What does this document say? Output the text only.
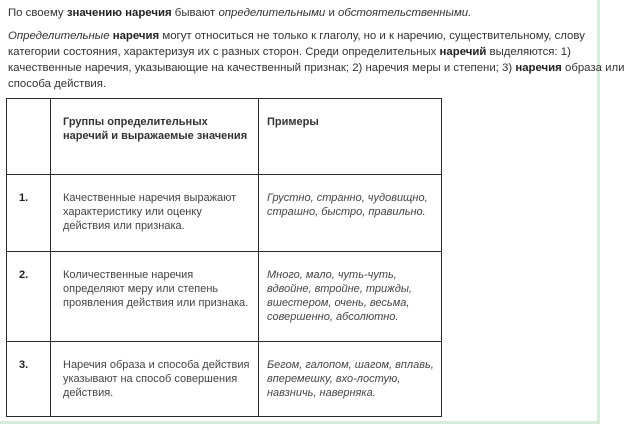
По своему значению наречия бывают определительными и обстоятельственными.
Определительные наречия могут относиться не только к глаголу, но и к наречию, существительному, слову
категории состояния, характеризуя их с разных сторон. Среди определительных наречий выделяются: 1)
качественные наречия, указывающие на качественный признак; 2) наречия меры и степени; 3) наречия образа или
способа действия.

	Группы определительных наречий и выражаемые значения	Примеры

1.	Качественные наречия выражают характеристику или оценку действия или признака.	Грустно, странно, чудовищно, страшно, быстро, правильно.

2.	Количественные наречия определяют меру или степень проявления действия или признака.	Много, мало, чуть-чуть, вдвойне, втройне, трижды, вшестером, очень, весьма, совершенно, абсолютно.

3.	Наречия образа и способа действия указывают на способ совершения действия.	Бегом, галопом, шагом, вплавь, вперемешку, вхо-лостую, навзничь, наверняка.
